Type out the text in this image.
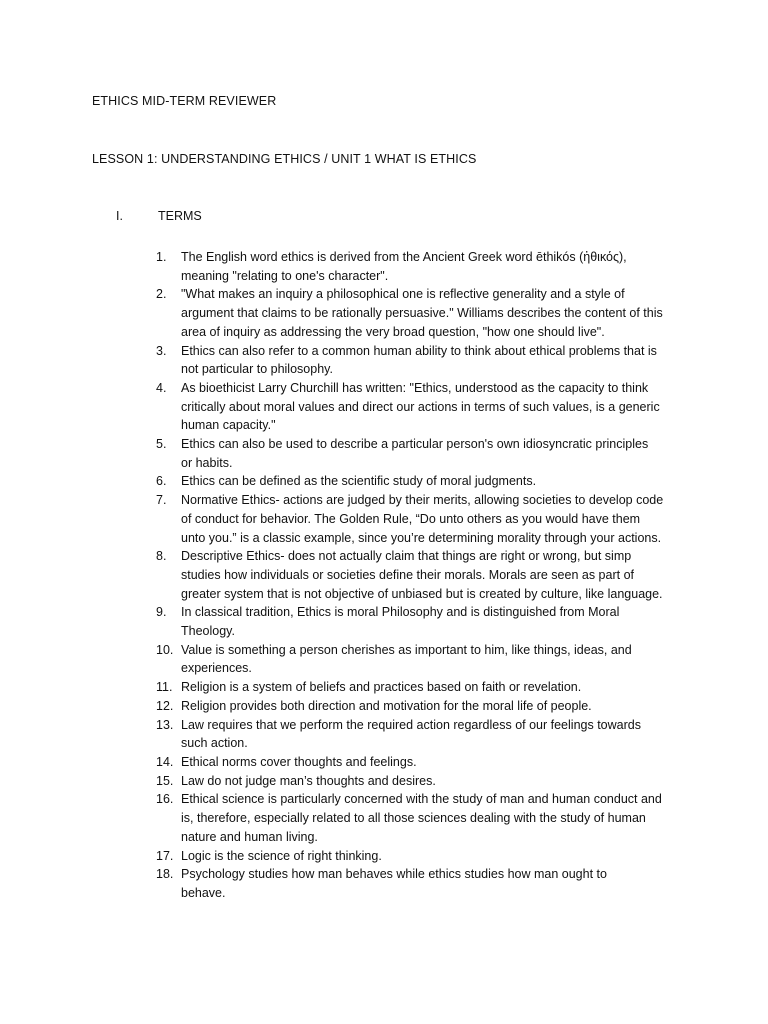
ETHICS MID-TERM REVIEWER
LESSON 1: UNDERSTANDING ETHICS / UNIT 1 WHAT IS ETHICS
I.	TERMS
1. The English word ethics is derived from the Ancient Greek word ēthikós (ἠθικός),
meaning "relating to one's character".
2. "What makes an inquiry a philosophical one is reflective generality and a style of
argument that claims to be rationally persuasive." Williams describes the content of this
area of inquiry as addressing the very broad question, "how one should live".
3. Ethics can also refer to a common human ability to think about ethical problems that is
not particular to philosophy.
4. As bioethicist Larry Churchill has written: "Ethics, understood as the capacity to think
critically about moral values and direct our actions in terms of such values, is a generic
human capacity."
5. Ethics can also be used to describe a particular person's own idiosyncratic principles
or habits.
6. Ethics can be defined as the scientific study of moral judgments.
7. Normative Ethics- actions are judged by their merits, allowing societies to develop code
of conduct for behavior. The Golden Rule, “Do unto others as you would have them
unto you.” is a classic example, since you’re determining morality through your actions.
8. Descriptive Ethics- does not actually claim that things are right or wrong, but simp
studies how individuals or societies define their morals. Morals are seen as part of
greater system that is not objective of unbiased but is created by culture, like language.
9. In classical tradition, Ethics is moral Philosophy and is distinguished from Moral
Theology.
10. Value is something a person cherishes as important to him, like things, ideas, and
experiences.
11. Religion is a system of beliefs and practices based on faith or revelation.
12. Religion provides both direction and motivation for the moral life of people.
13. Law requires that we perform the required action regardless of our feelings towards
such action.
14. Ethical norms cover thoughts and feelings.
15. Law do not judge man’s thoughts and desires.
16. Ethical science is particularly concerned with the study of man and human conduct and
is, therefore, especially related to all those sciences dealing with the study of human
nature and human living.
17. Logic is the science of right thinking.
18. Psychology studies how man behaves while ethics studies how man ought to
behave.
